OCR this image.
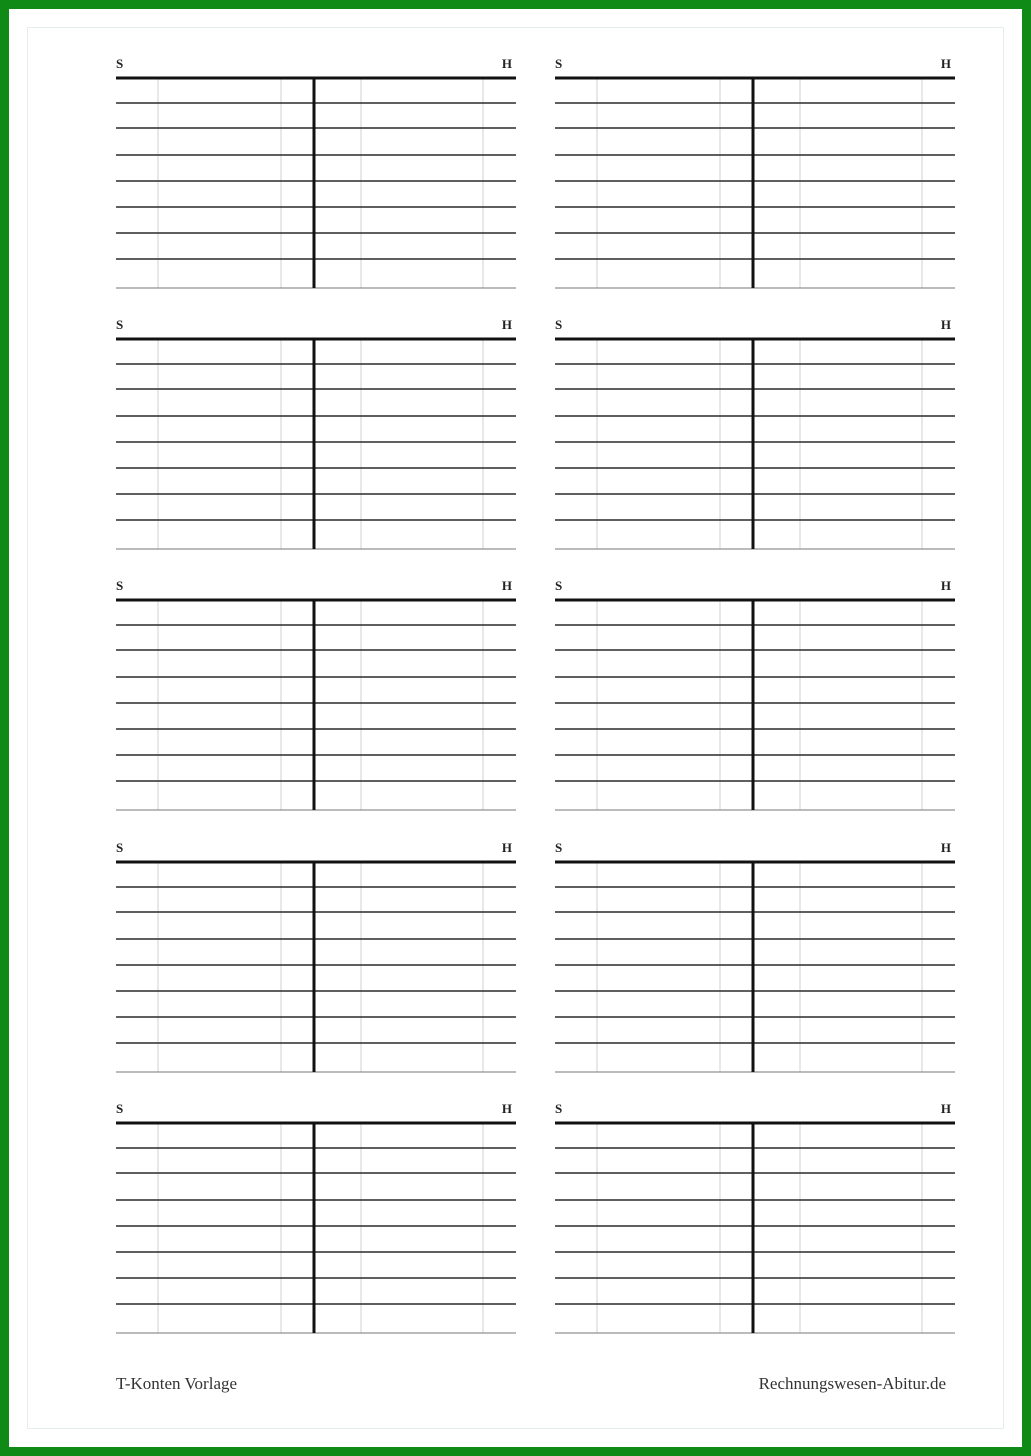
S	H	S	H
S	H	S	H
S	H	S	H
S	H	S	H
S	H	S	H
T-Konten Vorlage	Rechnungswesen-Abitur.de
